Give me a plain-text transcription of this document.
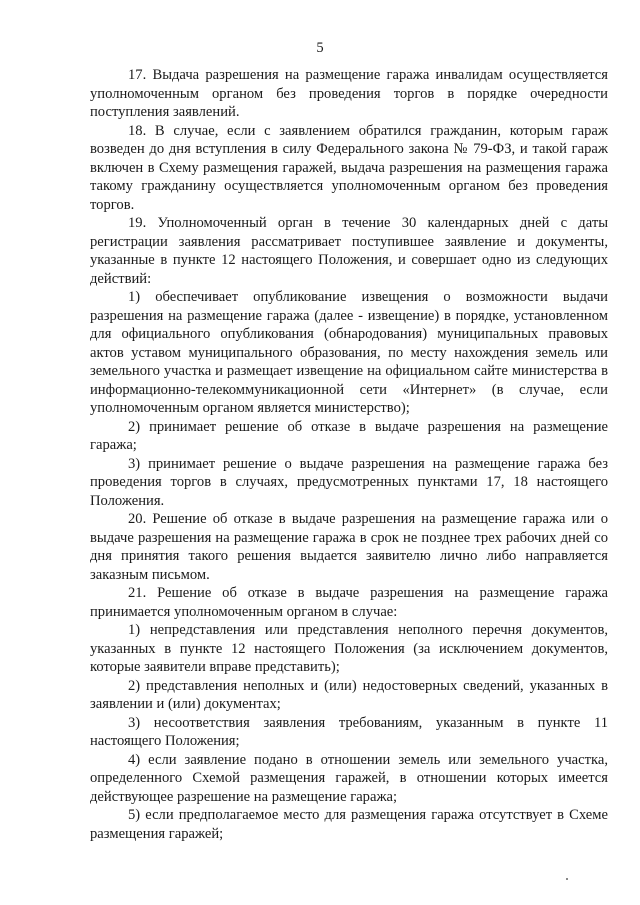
5

17. Выдача разрешения на размещение гаража инвалидам осуществляется уполномоченным органом без проведения торгов в порядке очередности поступления заявлений.

18. В случае, если с заявлением обратился гражданин, которым гараж возведен до дня вступления в силу Федерального закона № 79-ФЗ, и такой гараж включен в Схему размещения гаражей, выдача разрешения на размещения гаража такому гражданину осуществляется уполномоченным органом без проведения торгов.

19. Уполномоченный орган в течение 30 календарных дней с даты регистрации заявления рассматривает поступившее заявление и документы, указанные в пункте 12 настоящего Положения, и совершает одно из следующих действий:

1) обеспечивает опубликование извещения о возможности выдачи разрешения на размещение гаража (далее - извещение) в порядке, установленном для официального опубликования (обнародования) муниципальных правовых актов уставом муниципального образования, по месту нахождения земель или земельного участка и размещает извещение на официальном сайте министерства в информационно-телекоммуникационной сети «Интернет» (в случае, если уполномоченным органом является министерство);

2) принимает решение об отказе в выдаче разрешения на размещение гаража;

3) принимает решение о выдаче разрешения на размещение гаража без проведения торгов в случаях, предусмотренных пунктами 17, 18 настоящего Положения.

20. Решение об отказе в выдаче разрешения на размещение гаража или о выдаче разрешения на размещение гаража в срок не позднее трех рабочих дней со дня принятия такого решения выдается заявителю лично либо направляется заказным письмом.

21. Решение об отказе в выдаче разрешения на размещение гаража принимается уполномоченным органом в случае:

1) непредставления или представления неполного перечня документов, указанных в пункте 12 настоящего Положения (за исключением документов, которые заявители вправе представить);

2) представления неполных и (или) недостоверных сведений, указанных в заявлении и (или) документах;

3) несоответствия заявления требованиям, указанным в пункте 11 настоящего Положения;

4) если заявление подано в отношении земель или земельного участка, определенного Схемой размещения гаражей, в отношении которых имеется действующее разрешение на размещение гаража;

5) если предполагаемое место для размещения гаража отсутствует в Схеме размещения гаражей;
